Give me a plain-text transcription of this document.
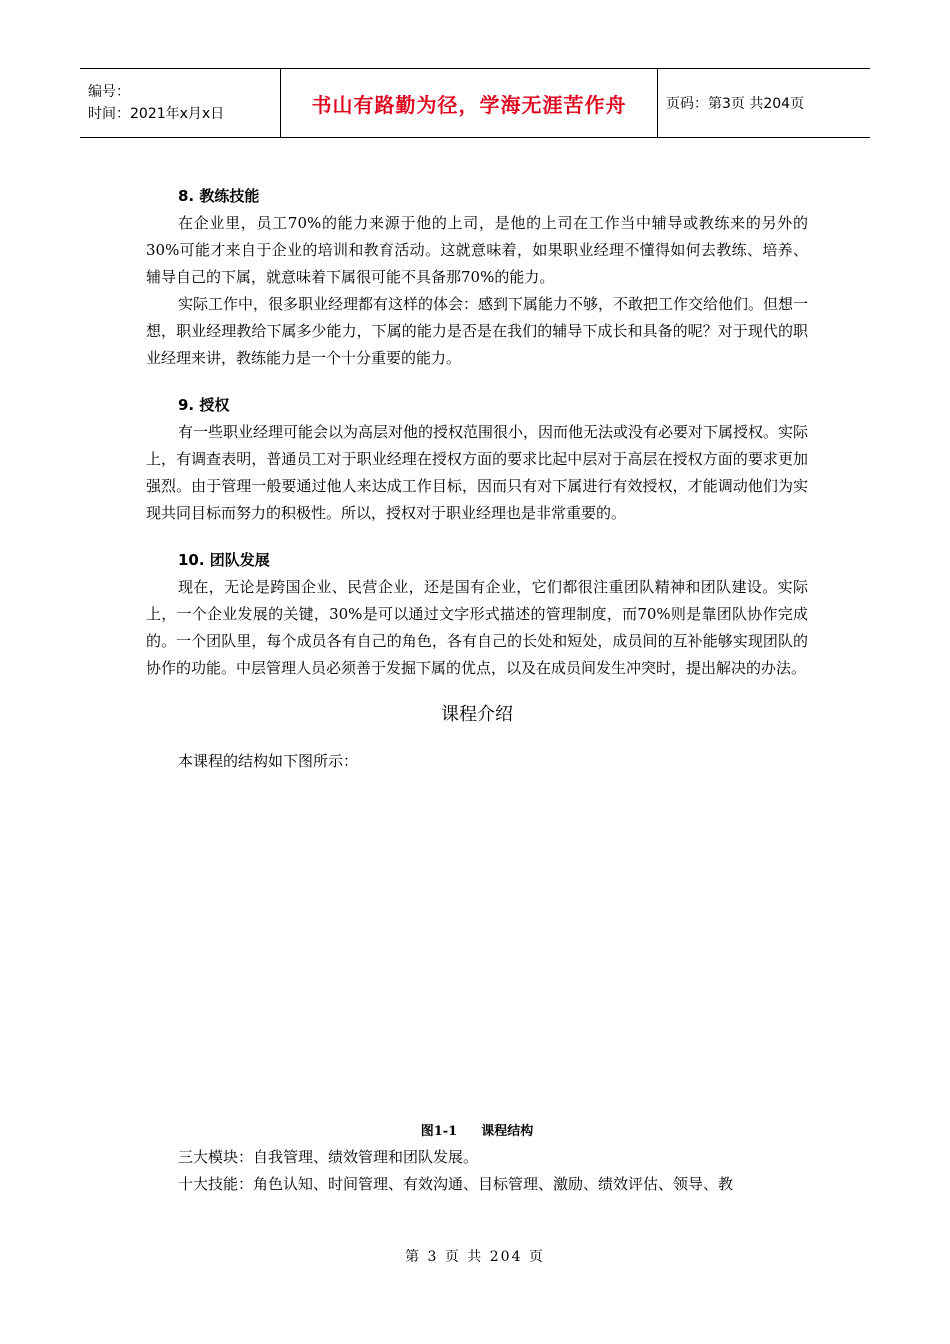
编号：
时间：2021年x月x日	书山有路勤为径，学海无涯苦作舟	页码：第3页 共204页
8. 教练技能

在企业里，员工70%的能力来源于他的上司，是他的上司在工作当中辅导或教练来的另外的30%可能才来自于企业的培训和教育活动。这就意味着，如果职业经理不懂得如何去教练、培养、辅导自己的下属，就意味着下属很可能不具备那70%的能力。

实际工作中，很多职业经理都有这样的体会：感到下属能力不够，不敢把工作交给他们。但想一想，职业经理教给下属多少能力，下属的能力是否是在我们的辅导下成长和具备的呢？对于现代的职业经理来讲，教练能力是一个十分重要的能力。

9. 授权

有一些职业经理可能会以为高层对他的授权范围很小，因而他无法或没有必要对下属授权。实际上，有调查表明，普通员工对于职业经理在授权方面的要求比起中层对于高层在授权方面的要求更加强烈。由于管理一般要通过他人来达成工作目标，因而只有对下属进行有效授权，才能调动他们为实现共同目标而努力的积极性。所以，授权对于职业经理也是非常重要的。

10. 团队发展

现在，无论是跨国企业、民营企业，还是国有企业，它们都很注重团队精神和团队建设。实际上，一个企业发展的关键，30%是可以通过文字形式描述的管理制度，而70%则是靠团队协作完成的。一个团队里，每个成员各有自己的角色，各有自己的长处和短处，成员间的互补能够实现团队的协作的功能。中层管理人员必须善于发掘下属的优点，以及在成员间发生冲突时，提出解决的办法。

课程介绍

本课程的结构如下图所示：

图1-1 课程结构

三大模块：自我管理、绩效管理和团队发展。

十大技能：角色认知、时间管理、有效沟通、目标管理、激励、绩效评估、领导、教

第 3 页 共 204 页
